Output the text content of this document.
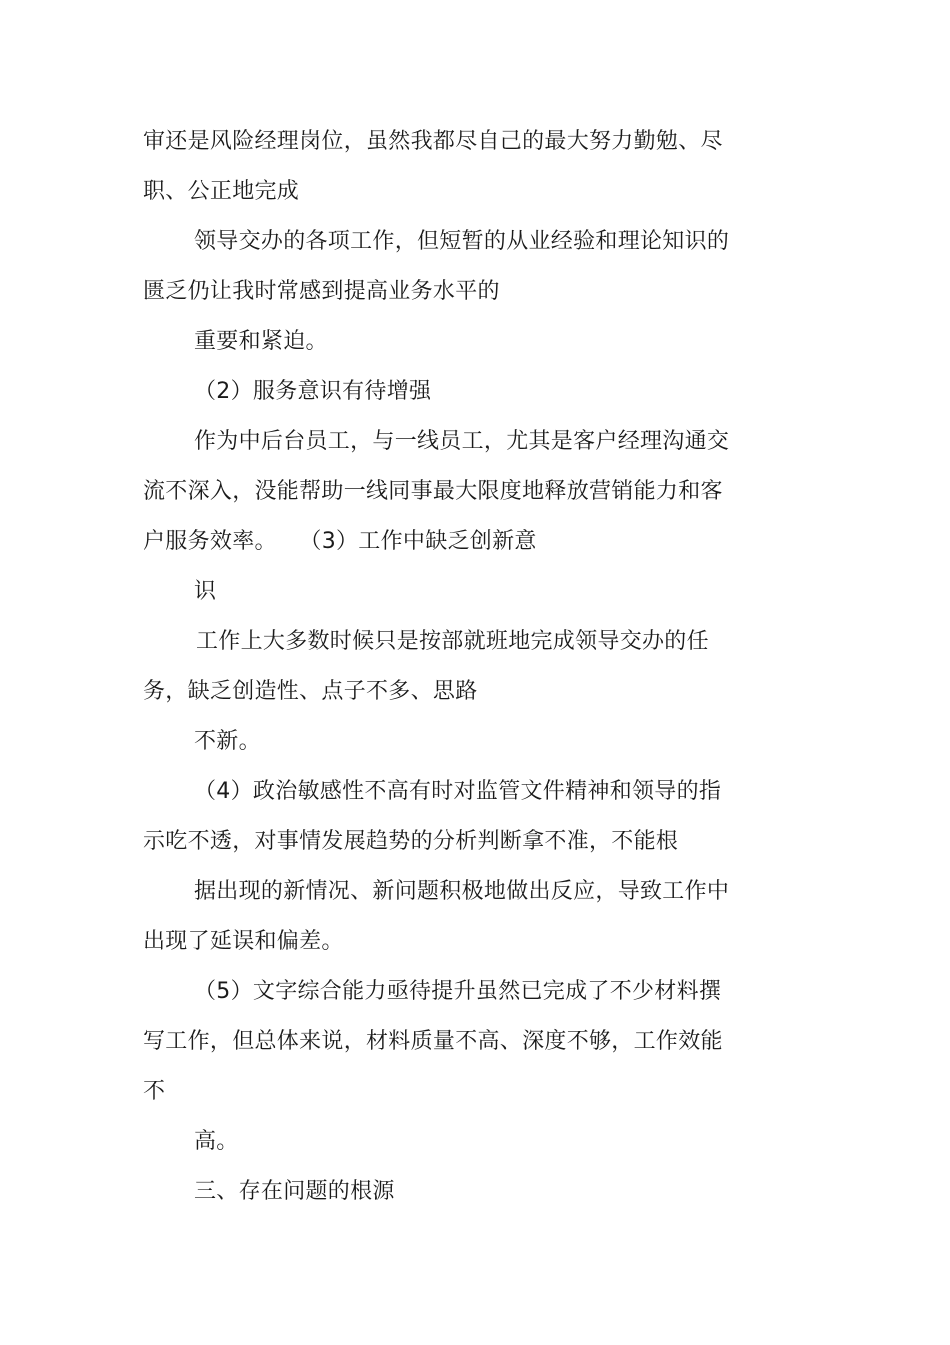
审还是风险经理岗位，虽然我都尽自己的最大努力勤勉、尽
职、公正地完成
领导交办的各项工作，但短暂的从业经验和理论知识的
匮乏仍让我时常感到提高业务水平的
重要和紧迫。
（2）服务意识有待增强
作为中后台员工，与一线员工，尤其是客户经理沟通交
流不深入，没能帮助一线同事最大限度地释放营销能力和客
户服务效率。　　（3）工作中缺乏创新意
识
工作上大多数时候只是按部就班地完成领导交办的任
务，缺乏创造性、点子不多、思路
不新。
（4）政治敏感性不高有时对监管文件精神和领导的指
示吃不透，对事情发展趋势的分析判断拿不准，不能根
据出现的新情况、新问题积极地做出反应，导致工作中
出现了延误和偏差。
（5）文字综合能力亟待提升虽然已完成了不少材料撰
写工作，但总体来说，材料质量不高、深度不够，工作效能
不
高。
三、存在问题的根源
